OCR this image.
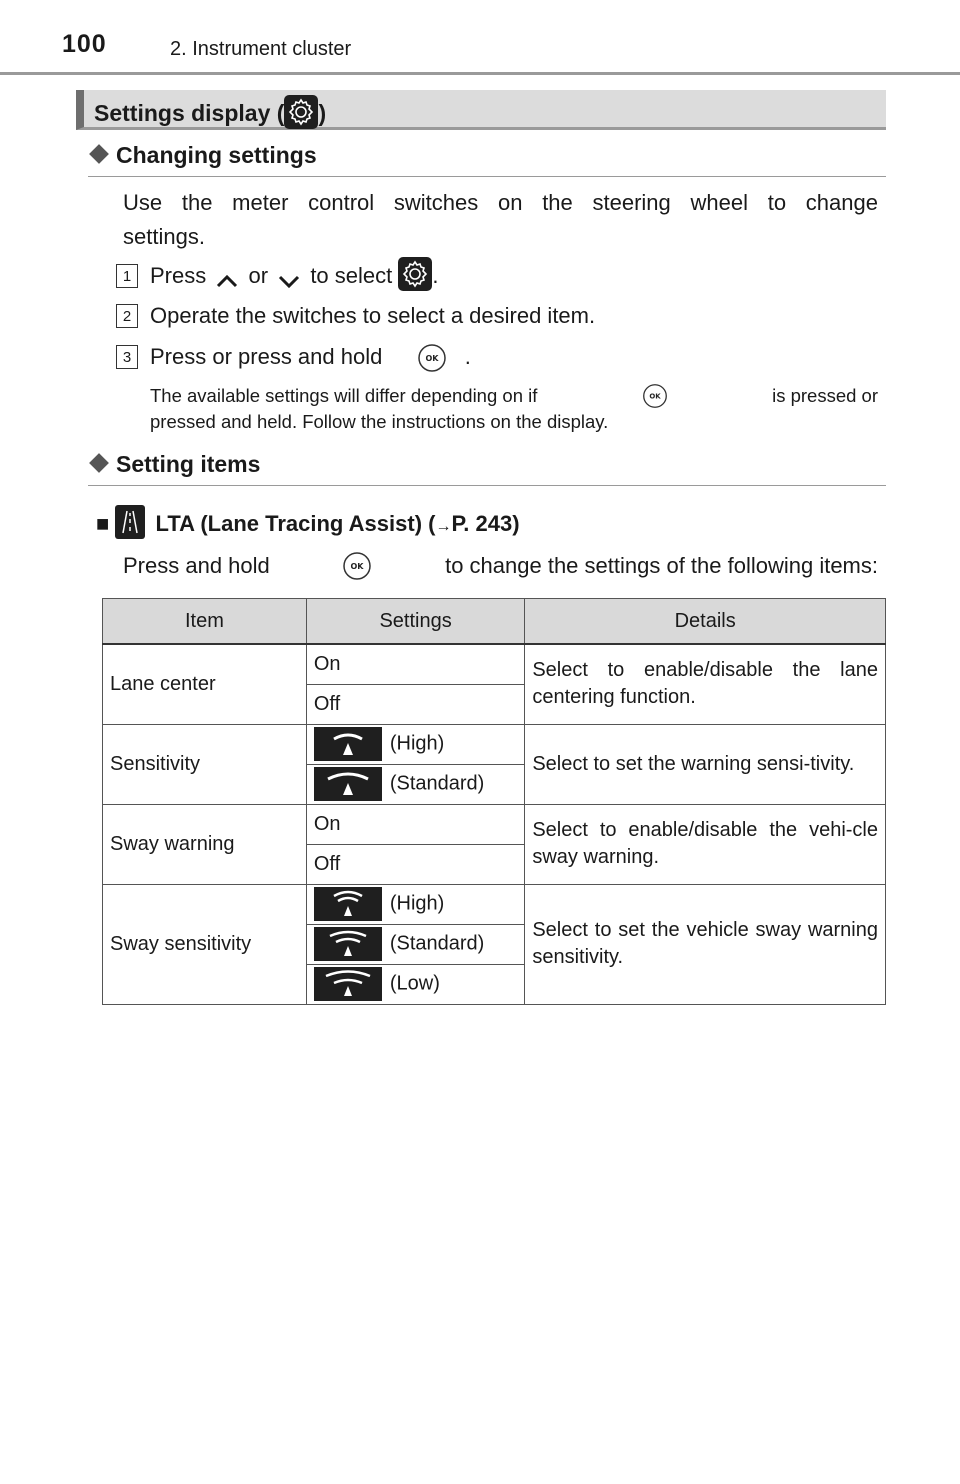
100	2. Instrument cluster
Settings display ( )
Changing settings
Use the meter control switches on the steering wheel to change
settings.
1 Press or to select .
2 Operate the switches to select a desired item.
3 Press or press and hold	OK .
The available settings will differ depending on if	OK	is pressed or
pressed and held. Follow the instructions on the display.
Setting items
■ LTA (Lane Tracing Assist) (→P. 243)
Press and hold	OK	to change the settings of the following items:
Item	Settings	Details
Lane center	On	Select to enable/disable the lane centering function.
	Off	
Sensitivity	(High)	Select to set the warning sensi-tivity.
	(Standard)	
Sway warning	On	Select to enable/disable the vehi-cle sway warning.
	Off	
Sway sensitivity	(High)	Select to set the vehicle sway warning sensitivity.
	(Standard)	
	(Low)	
